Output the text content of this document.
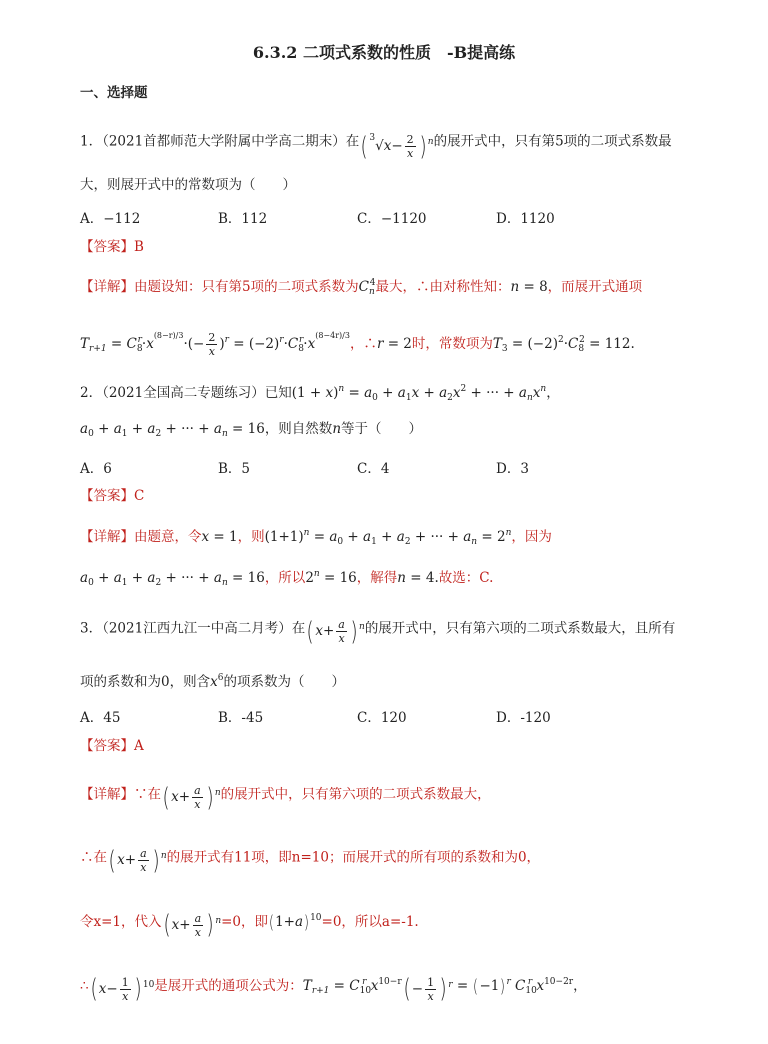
6.3.2 二项式系数的性质　-B提高练
一、选择题
1．（2021首都师范大学附属中学高二期末）在( $^3√x- \frac{2}{x}$ ) $^n$的展开式中，只有第5项的二项式系数最
大，则展开式中的常数项为（　　）
A．−112	B．112	C．−1120	D．1120
【答案】B
【详解】由题设知：只有第5项的二项式系数为$C_n^4$最大，∴由对称性知：n = 8，而展开式通项
$T_{r+1} = C_8^r\cdot x^{(8-r)/3}\cdot(- \frac{2}{x} )^r = (-2)^r\cdot C_8^r\cdot x^{(8-4r)/3}$，∴r = 2时，常数项为$T_3 = (-2)^2\cdot C_8^2 = 112$.
2．（2021全国高二专题练习）已知$(1 + x)^n = a_0 + a_1x + a_2x^2$ + ··· + $a_nx^n$，
$a_0 + a_1 + a_2$ + ··· + $a_n = 16$，则自然数n等于（　　）
A．6	B．5	C．4	D．3
【答案】C
【详解】由题意，令x = 1，则$(1+1)^n = a_0 + a_1 + a_2$ + ··· + $a_n = 2^n$，因为
$a_0 + a_1 + a_2$ + ··· + $a_n = 16$，所以$2^n = 16$，解得n = 4.故选：C.
3．（2021江西九江一中高二月考）在( $x+ \frac{a}{x}$ ) $^n$的展开式中，只有第六项的二项式系数最大，且所有
项的系数和为0，则含$x^6$的项系数为（　　）
A．45	B．-45	C．120	D．-120
【答案】A
【详解】∵在( $x+ \frac{a}{x}$ ) $^n$的展开式中，只有第六项的二项式系数最大，
∴在( $x+ \frac{a}{x}$ ) $^n$的展开式有11项，即n=10；而展开式的所有项的系数和为0，
令x=1，代入( $x+ \frac{a}{x}$ ) $^n$=0，即$(1+a)^{10}=0$，所以a=-1.
∴( $x- \frac{1}{x}$ ) $^{10}$是展开式的通项公式为：$T_{r+1} = C_{10}^r$ $x^{10-r}( - \frac{1}{x}$ ) $^r = (-1)^r$ $C_{10}^r$ $x^{10-2r}$，
